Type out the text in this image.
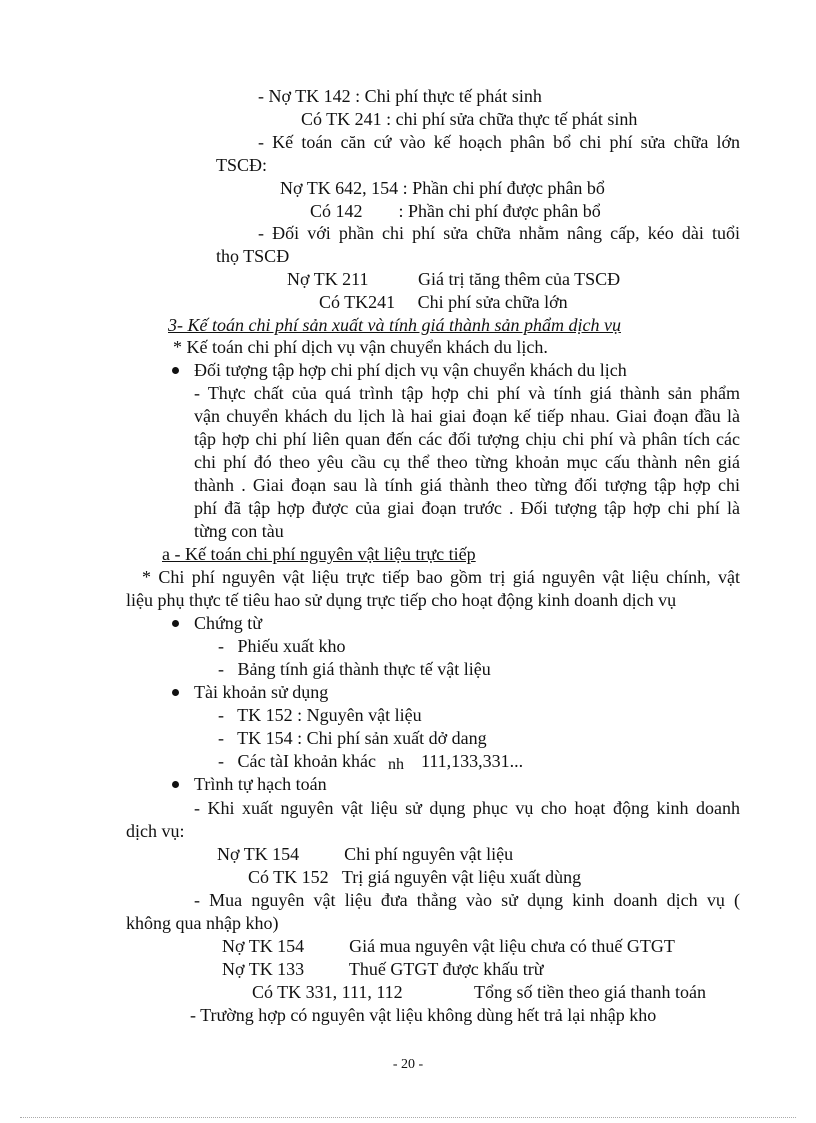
- Nợ TK 142 : Chi phí thực tế phát sinh
Có TK 241 : chi phí sửa chữa thực tế phát sinh
- Kế toán căn cứ vào kế hoạch phân bổ chi phí sửa chữa lớn
TSCĐ:
Nợ TK 642, 154 : Phần chi phí được phân bổ
Có 142        : Phần chi phí được phân bổ
- Đối với phần chi phí sửa chữa nhằm nâng cấp, kéo dài tuổi
thọ TSCĐ
Nợ TK 211           Giá trị tăng thêm của TSCĐ
Có TK241     Chi phí sửa chữa lớn
3- Kế toán chi phí sản xuất và tính giá thành sản phẩm dịch vụ
* Kế toán chi phí dịch vụ vận chuyển khách du lịch.
Đối tượng tập hợp chi phí dịch vụ vận chuyển khách du lịch
- Thực chất của quá trình tập hợp chi phí và tính giá thành sản phẩm
vận chuyển khách du lịch là hai giai đoạn kế tiếp nhau. Giai đoạn đầu là
tập hợp chi phí liên quan đến các đối tượng chịu chi phí và phân tích các
chi phí đó theo yêu cầu cụ thể theo từng khoản mục cấu thành nên giá
thành . Giai đoạn sau là tính giá thành theo từng đối tượng tập hợp chi
phí đã tập hợp được của giai đoạn trước . Đối tượng tập hợp chi phí là
từng con tàu
a - Kế toán chi phí nguyên vật liệu trực tiếp
* Chi phí nguyên vật liệu trực tiếp bao gồm trị giá nguyên vật liệu chính, vật
liệu phụ thực tế tiêu hao sử dụng trực tiếp cho hoạt động kinh doanh dịch vụ
Chứng từ
-   Phiếu xuất kho
-   Bảng tính giá thành thực tế vật liệu
Tài khoản sử dụng
-   TK 152 : Nguyên vật liệu
-   TK 154 : Chi phí sản xuất dở dang
-   Các tàI khoản khác nh 111,133,331...
Trình tự hạch toán
- Khi xuất nguyên vật liệu sử dụng phục vụ cho hoạt động kinh doanh
dịch vụ:
Nợ TK 154          Chi phí nguyên vật liệu
Có TK 152   Trị giá nguyên vật liệu xuất dùng
- Mua nguyên vật liệu đưa thẳng vào sử dụng kinh doanh dịch vụ (
không qua nhập kho)
Nợ TK 154          Giá mua nguyên vật liệu chưa có thuế GTGT
Nợ TK 133          Thuế GTGT được khấu trừ
Có TK 331, 111, 112	Tổng số tiền theo giá thanh toán
- Trường hợp có nguyên vật liệu không dùng hết trả lại nhập kho
- 20 -
